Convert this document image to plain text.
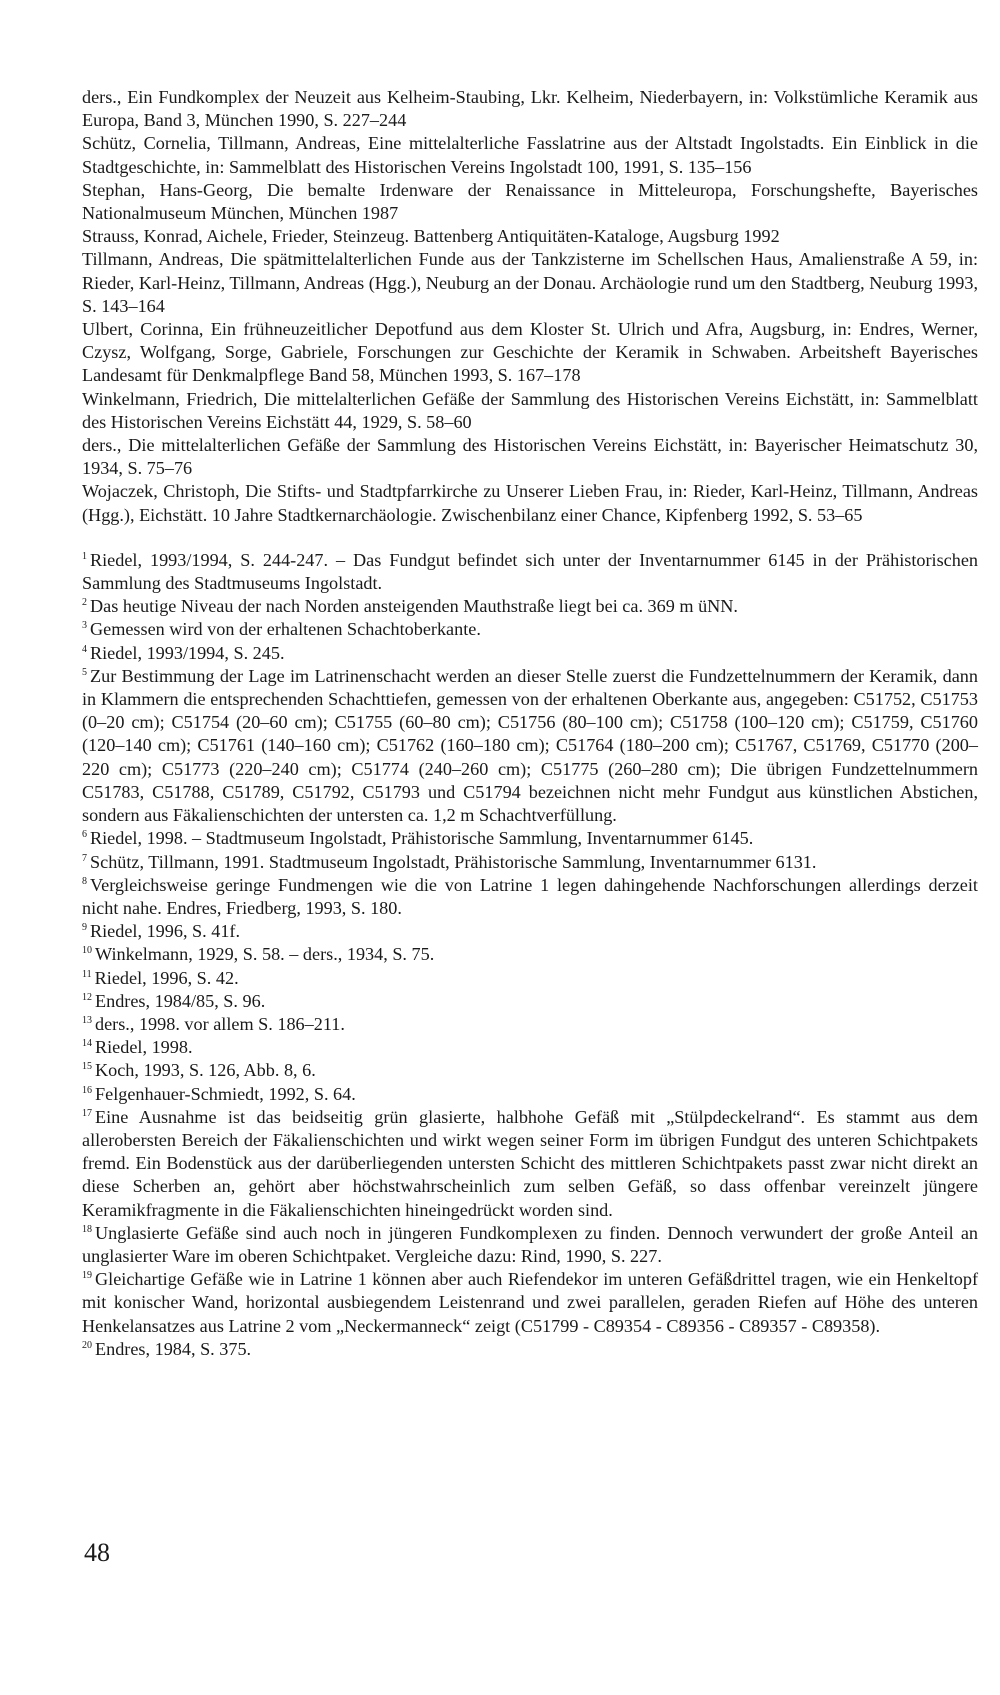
ders., Ein Fundkomplex der Neuzeit aus Kelheim-Staubing, Lkr. Kelheim, Niederbayern, in: Volkstümliche Keramik aus Europa, Band 3, München 1990, S. 227–244

Schütz, Cornelia, Tillmann, Andreas, Eine mittelalterliche Fasslatrine aus der Altstadt Ingolstadts. Ein Einblick in die Stadtgeschichte, in: Sammelblatt des Historischen Vereins Ingolstadt 100, 1991, S. 135–156

Stephan, Hans-Georg, Die bemalte Irdenware der Renaissance in Mitteleuropa, Forschungshefte, Bayerisches Nationalmuseum München, München 1987

Strauss, Konrad, Aichele, Frieder, Steinzeug. Battenberg Antiquitäten-Kataloge, Augsburg 1992

Tillmann, Andreas, Die spätmittelalterlichen Funde aus der Tankzisterne im Schellschen Haus, Amalienstraße A 59, in: Rieder, Karl-Heinz, Tillmann, Andreas (Hgg.), Neuburg an der Donau. Archäologie rund um den Stadtberg, Neuburg 1993, S. 143–164

Ulbert, Corinna, Ein frühneuzeitlicher Depotfund aus dem Kloster St. Ulrich und Afra, Augsburg, in: Endres, Werner, Czysz, Wolfgang, Sorge, Gabriele, Forschungen zur Geschichte der Keramik in Schwaben. Arbeitsheft Bayerisches Landesamt für Denkmalpflege Band 58, München 1993, S. 167–178

Winkelmann, Friedrich, Die mittelalterlichen Gefäße der Sammlung des Historischen Vereins Eichstätt, in: Sammelblatt des Historischen Vereins Eichstätt 44, 1929, S. 58–60

ders., Die mittelalterlichen Gefäße der Sammlung des Historischen Vereins Eichstätt, in: Bayerischer Heimatschutz 30, 1934, S. 75–76

Wojaczek, Christoph, Die Stifts- und Stadtpfarrkirche zu Unserer Lieben Frau, in: Rieder, Karl-Heinz, Tillmann, Andreas (Hgg.), Eichstätt. 10 Jahre Stadtkernarchäologie. Zwischenbilanz einer Chance, Kipfenberg 1992, S. 53–65

$^1$ Riedel, 1993/1994, S. 244-247. – Das Fundgut befindet sich unter der Inventarnummer 6145 in der Prähistorischen Sammlung des Stadtmuseums Ingolstadt.

$^2$ Das heutige Niveau der nach Norden ansteigenden Mauthstraße liegt bei ca. 369 m üNN.

$^3$ Gemessen wird von der erhaltenen Schachtoberkante.

$^4$ Riedel, 1993/1994, S. 245.

$^5$ Zur Bestimmung der Lage im Latrinenschacht werden an dieser Stelle zuerst die Fundzettelnummern der Keramik, dann in Klammern die entsprechenden Schachttiefen, gemessen von der erhaltenen Oberkante aus, angegeben: C51752, C51753 (0–20 cm); C51754 (20–60 cm); C51755 (60–80 cm); C51756 (80–100 cm); C51758 (100–120 cm); C51759, C51760 (120–140 cm); C51761 (140–160 cm); C51762 (160–180 cm); C51764 (180–200 cm); C51767, C51769, C51770 (200–220 cm); C51773 (220–240 cm); C51774 (240–260 cm); C51775 (260–280 cm); Die übrigen Fundzettelnummern C51783, C51788, C51789, C51792, C51793 und C51794 bezeichnen nicht mehr Fundgut aus künstlichen Abstichen, sondern aus Fäkalienschichten der untersten ca. 1,2 m Schachtverfüllung.

$^6$ Riedel, 1998. – Stadtmuseum Ingolstadt, Prähistorische Sammlung, Inventarnummer 6145.

$^7$ Schütz, Tillmann, 1991. Stadtmuseum Ingolstadt, Prähistorische Sammlung, Inventarnummer 6131.

$^8$ Vergleichsweise geringe Fundmengen wie die von Latrine 1 legen dahingehende Nachforschungen allerdings derzeit nicht nahe. Endres, Friedberg, 1993, S. 180.

$^9$ Riedel, 1996, S. 41f.

$^{10}$ Winkelmann, 1929, S. 58. – ders., 1934, S. 75.

$^{11}$ Riedel, 1996, S. 42.

$^{12}$ Endres, 1984/85, S. 96.

$^{13}$ ders., 1998. vor allem S. 186–211.

$^{14}$ Riedel, 1998.

$^{15}$ Koch, 1993, S. 126, Abb. 8, 6.

$^{16}$ Felgenhauer-Schmiedt, 1992, S. 64.

$^{17}$ Eine Ausnahme ist das beidseitig grün glasierte, halbhohe Gefäß mit „Stülpdeckelrand“. Es stammt aus dem allerobersten Bereich der Fäkalienschichten und wirkt wegen seiner Form im übrigen Fundgut des unteren Schichtpakets fremd. Ein Bodenstück aus der darüberliegenden untersten Schicht des mittleren Schichtpakets passt zwar nicht direkt an diese Scherben an, gehört aber höchstwahrscheinlich zum selben Gefäß, so dass offenbar vereinzelt jüngere Keramikfragmente in die Fäkalienschichten hineingedrückt worden sind.

$^{18}$ Unglasierte Gefäße sind auch noch in jüngeren Fundkomplexen zu finden. Dennoch verwundert der große Anteil an unglasierter Ware im oberen Schichtpaket. Vergleiche dazu: Rind, 1990, S. 227.

$^{19}$ Gleichartige Gefäße wie in Latrine 1 können aber auch Riefendekor im unteren Gefäßdrittel tragen, wie ein Henkeltopf mit konischer Wand, horizontal ausbiegendem Leistenrand und zwei parallelen, geraden Riefen auf Höhe des unteren Henkelansatzes aus Latrine 2 vom „Neckermanneck“ zeigt (C51799 - C89354 - C89356 - C89357 - C89358).

$^{20}$ Endres, 1984, S. 375.

48
